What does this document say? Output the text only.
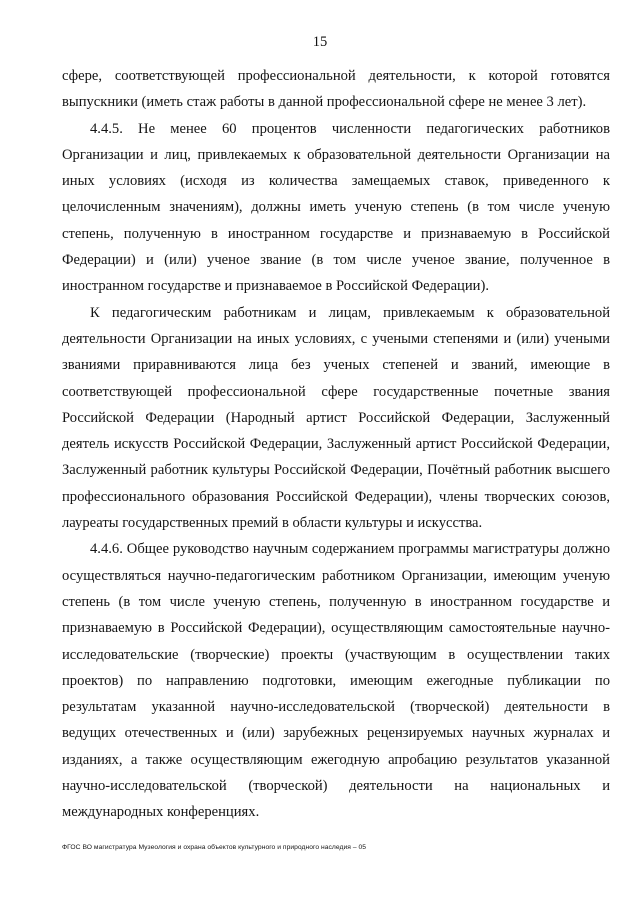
15

сфере, соответствующей профессиональной деятельности, к которой готовятся выпускники (иметь стаж работы в данной профессиональной сфере не менее 3 лет).

4.4.5. Не менее 60 процентов численности педагогических работников Организации и лиц, привлекаемых к образовательной деятельности Организации на иных условиях (исходя из количества замещаемых ставок, приведенного к целочисленным значениям), должны иметь ученую степень (в том числе ученую степень, полученную в иностранном государстве и признаваемую в Российской Федерации) и (или) ученое звание (в том числе ученое звание, полученное в иностранном государстве и признаваемое в Российской Федерации).

К педагогическим работникам и лицам, привлекаемым к образовательной деятельности Организации на иных условиях, с учеными степенями и (или) учеными званиями приравниваются лица без ученых степеней и званий, имеющие в соответствующей профессиональной сфере государственные почетные звания Российской Федерации (Народный артист Российской Федерации, Заслуженный деятель искусств Российской Федерации, Заслуженный артист Российской Федерации, Заслуженный работник культуры Российской Федерации, Почётный работник высшего профессионального образования Российской Федерации), члены творческих союзов, лауреаты государственных премий в области культуры и искусства.

4.4.6. Общее руководство научным содержанием программы магистратуры должно осуществляться научно-педагогическим работником Организации, имеющим ученую степень (в том числе ученую степень, полученную в иностранном государстве и признаваемую в Российской Федерации), осуществляющим самостоятельные научно-исследовательские (творческие) проекты (участвующим в осуществлении таких проектов) по направлению подготовки, имеющим ежегодные публикации по результатам указанной научно-исследовательской (творческой) деятельности в ведущих отечественных и (или) зарубежных рецензируемых научных журналах и изданиях, а также осуществляющим ежегодную апробацию результатов указанной научно-исследовательской (творческой) деятельности на национальных и международных конференциях.

ФГОС ВО магистратура Музеология и охрана объектов культурного и природного наследия – 05
